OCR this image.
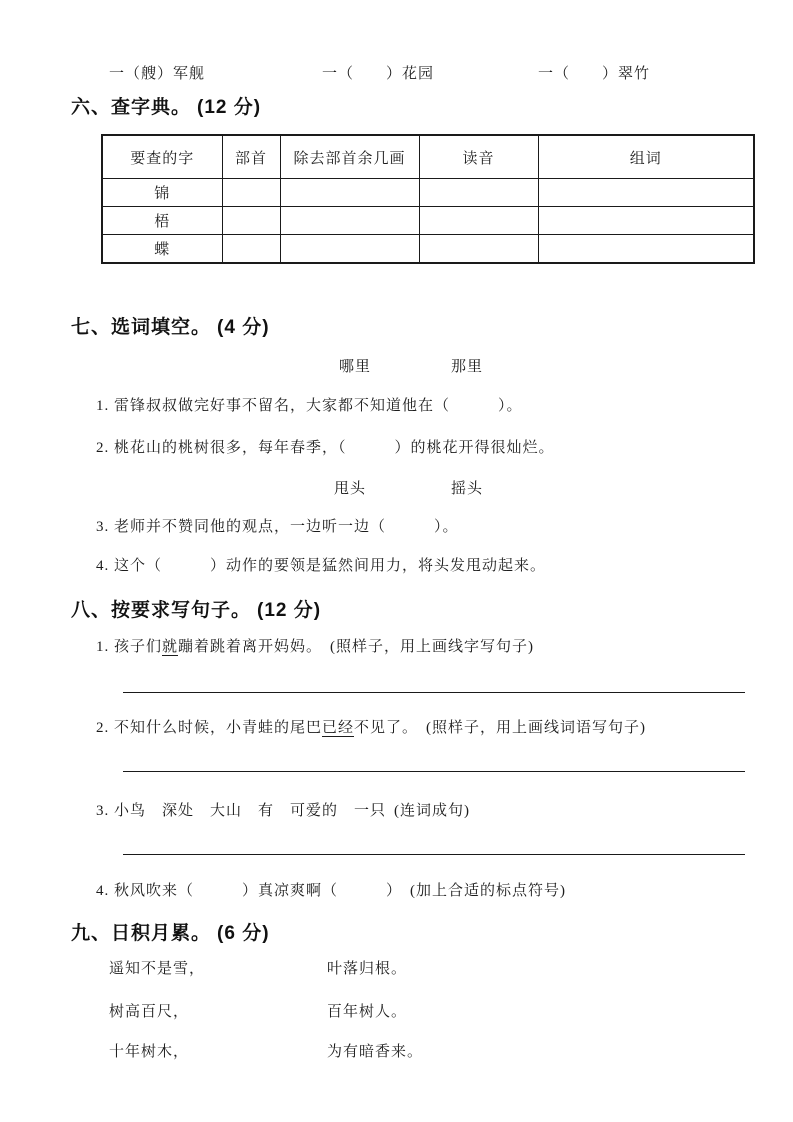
一（艘）军舰	一（　　）花园	一（　　）翠竹
六、查字典。 (12 分)
要查的字	部首	除去部首余几画	读音	组词
锦				
梧				
蝶				
七、选词填空。 (4 分)
哪里	那里
1. 雷锋叔叔做完好事不留名，大家都不知道他在（　　　）。
2. 桃花山的桃树很多，每年春季，（　　　）的桃花开得很灿烂。
甩头	摇头
3. 老师并不赞同他的观点，一边听一边（　　　）。
4. 这个（　　　）动作的要领是猛然间用力，将头发甩动起来。
八、按要求写句子。 (12 分)
1. 孩子们就蹦着跳着离开妈妈。 (照样子，用上画线字写句子)
2. 不知什么时候，小青蛙的尾巴已经不见了。 (照样子，用上画线词语写句子)
3. 小鸟　深处　大山　有　可爱的　一只 (连词成句)
4. 秋风吹来（　　　）真凉爽啊（　　　） (加上合适的标点符号)
九、日积月累。 (6 分)
遥知不是雪，	叶落归根。
树高百尺，	百年树人。
十年树木，	为有暗香来。
